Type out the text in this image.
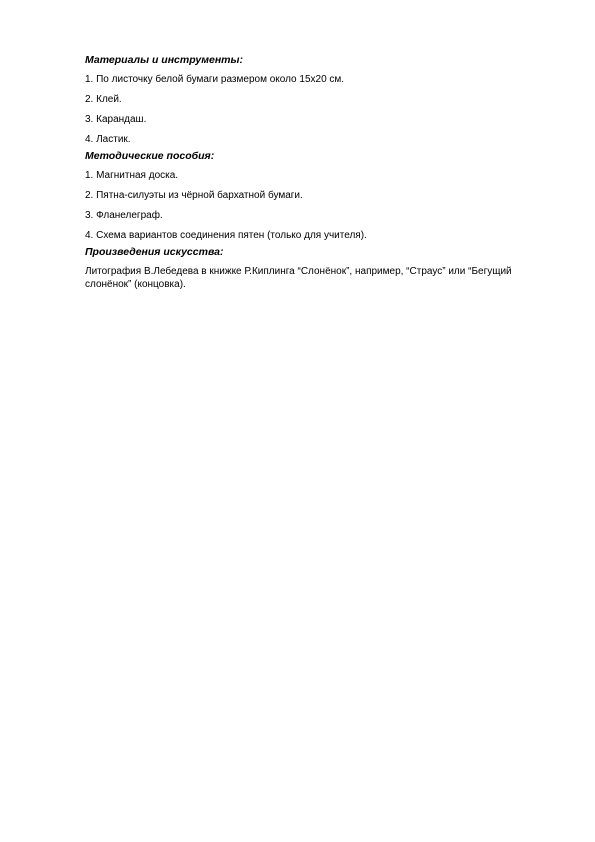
Материалы и инструменты:
1. По листочку белой бумаги размером около 15х20 см.
2. Клей.
3. Карандаш.
4. Ластик.
Методические пособия:
1. Магнитная доска.
2. Пятна-силуэты из чёрной бархатной бумаги.
3. Фланелеграф.
4. Схема вариантов соединения пятен (только для учителя).
Произведения искусства:
Литография В.Лебедева в книжке Р.Киплинга “Слонёнок”, например, “Страус” или “Бегущий слонёнок” (концовка).
